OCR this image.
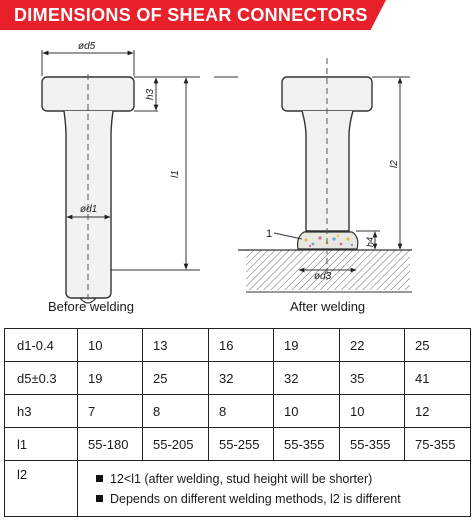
DIMENSIONS OF SHEAR CONNECTORS
ød5
h3
l1
ød1
l2
h4
ød3
1
Before welding	After welding
d1-0.4	10	13	16	19	22	25
d5±0.3	19	25	32	32	35	41
h3	7	8	8	10	10	12
l1	55-180	55-205	55-255	55-355	55-355	75-355
l2	12<l1 (after welding, stud height will be shorter)
Depends on different welding methods, l2 is different					
